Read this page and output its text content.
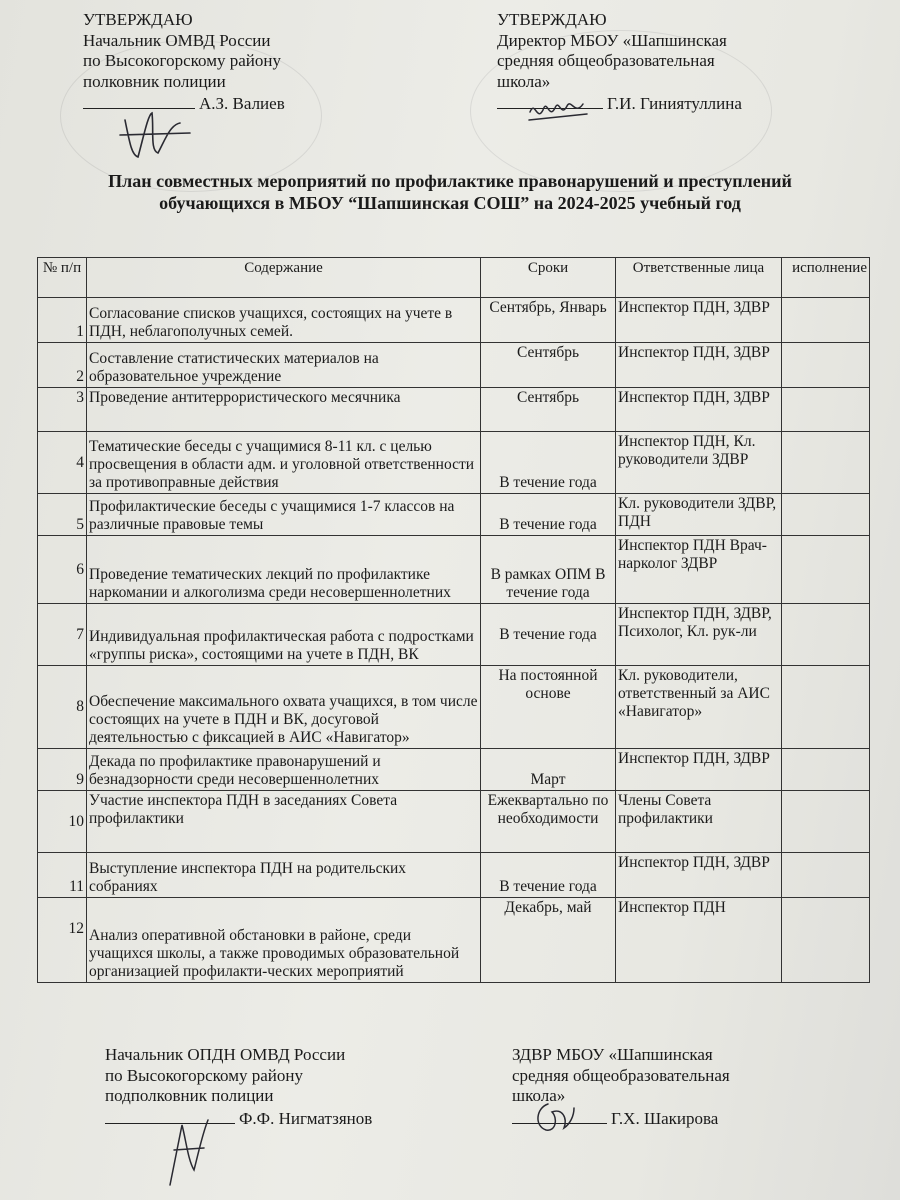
УТВЕРЖДАЮ
Начальник ОМВД России
по Высокогорскому району
полковник полиции
А.З. Валиев
УТВЕРЖДАЮ
Директор МБОУ «Шапшинская
средняя общеобразовательная
школа»
Г.И. Гиниятуллина
План совместных мероприятий по профилактике правонарушений и преступлений
обучающихся в МБОУ “Шапшинская СОШ” на 2024-2025 учебный год
№ п/п	Содержание	Сроки	Ответственные лица	исполнение
1	Согласование списков учащихся, состоящих на учете в ПДН, неблагополучных семей.	Сентябрь, Январь	Инспектор ПДН, ЗДВР	
2	Составление статистических материалов на образовательное учреждение	Сентябрь	Инспектор ПДН, ЗДВР	
3	Проведение антитеррористического месячника	Сентябрь	Инспектор ПДН, ЗДВР	
4	Тематические беседы с учащимися 8-11 кл. с целью просвещения в области адм. и уголовной ответственности за противоправные действия	В течение года	Инспектор ПДН, Кл. руководители ЗДВР	
5	Профилактические беседы с учащимися 1-7 классов на различные правовые темы	В течение года	Кл. руководители ЗДВР, ПДН	
6	Проведение тематических лекций по профилактике наркомании и алкоголизма среди несовершеннолетних	В рамках ОПМ В течение года	Инспектор ПДН Врач-нарколог ЗДВР	
7	Индивидуальная профилактическая работа с подростками «группы риска», состоящими на учете в ПДН, ВК	В течение года	Инспектор ПДН, ЗДВР, Психолог, Кл. рук-ли	
8	Обеспечение максимального охвата учащихся, в том числе состоящих на учете в ПДН и ВК, досуговой деятельностью с фиксацией в АИС «Навигатор»	На постоянной основе	Кл. руководители, ответственный за АИС «Навигатор»	
9	Декада по профилактике правонарушений и безнадзорности среди несовершеннолетних	Март	Инспектор ПДН, ЗДВР	
10	Участие инспектора ПДН в заседаниях Совета профилактики	Ежеквартально по необходимости	Члены Совета профилактики	
11	Выступление инспектора ПДН на родительских собраниях	В течение года	Инспектор ПДН, ЗДВР	
12	Анализ оперативной обстановки в районе, среди учащихся школы, а также проводимых образовательной организацией профилакти-ческих мероприятий	Декабрь, май	Инспектор ПДН	
Начальник ОПДН ОМВД России
по Высокогорскому району
подполковник полиции
Ф.Ф. Нигматзянов
ЗДВР МБОУ «Шапшинская
средняя общеобразовательная
школа»
Г.Х. Шакирова
